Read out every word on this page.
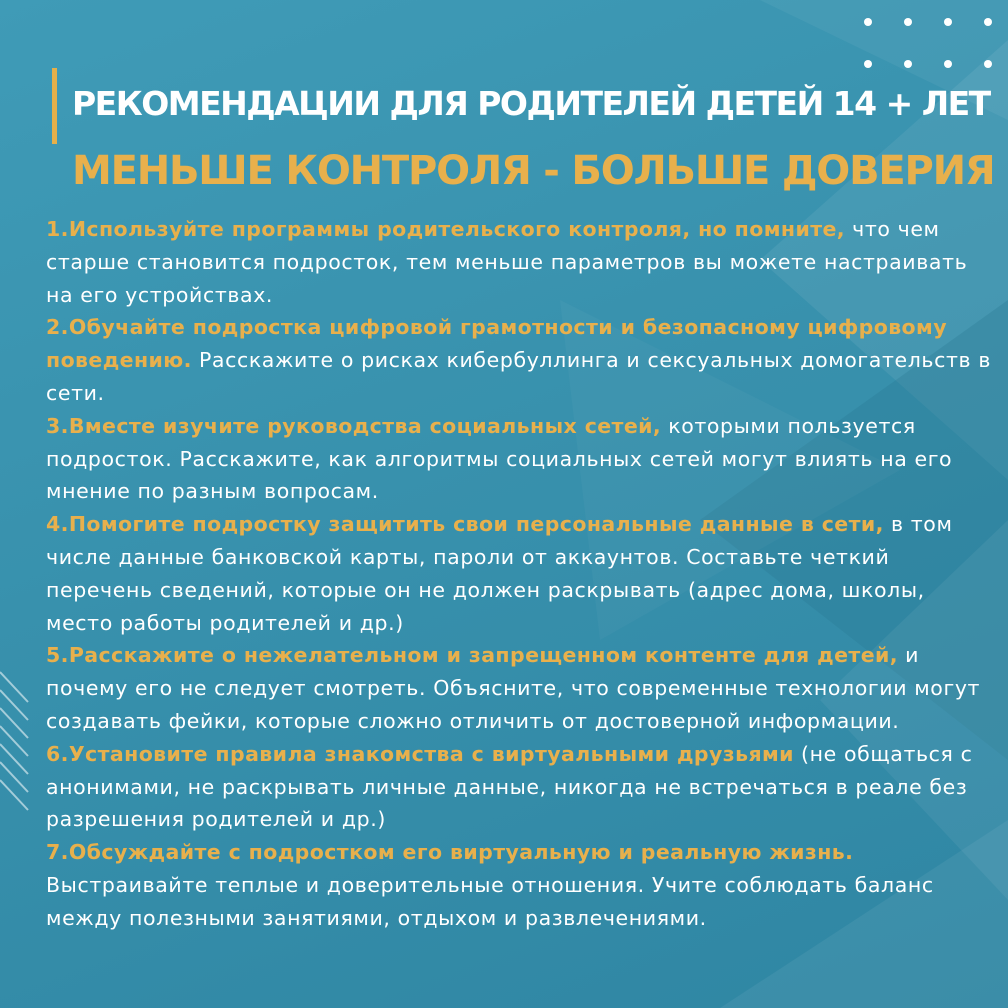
РЕКОМЕНДАЦИИ ДЛЯ РОДИТЕЛЕЙ ДЕТЕЙ 14 + ЛЕТ
МЕНЬШЕ КОНТРОЛЯ - БОЛЬШЕ ДОВЕРИЯ

1.Используйте программы родительского контроля, но помните, что чем старше становится подросток, тем меньше параметров вы можете настраивать на его устройствах.

2.Обучайте подростка цифровой грамотности и безопасному цифровому поведению. Расскажите о рисках кибербуллинга и сексуальных домогательств в сети.

3.Вместе изучите руководства социальных сетей, которыми пользуется подросток. Расскажите, как алгоритмы социальных сетей могут влиять на его мнение по разным вопросам.

4.Помогите подростку защитить свои персональные данные в сети, в том числе данные банковской карты, пароли от аккаунтов. Составьте четкий перечень сведений, которые он не должен раскрывать (адрес дома, школы, место работы родителей и др.)

5.Расскажите о нежелательном и запрещенном контенте для детей, и почему его не следует смотреть. Объясните, что современные технологии могут создавать фейки, которые сложно отличить от достоверной информации.

6.Установите правила знакомства с виртуальными друзьями (не общаться с анонимами, не раскрывать личные данные, никогда не встречаться в реале без разрешения родителей и др.)

7.Обсуждайте с подростком его виртуальную и реальную жизнь. Выстраивайте теплые и доверительные отношения. Учите соблюдать баланс между полезными занятиями, отдыхом и развлечениями.
